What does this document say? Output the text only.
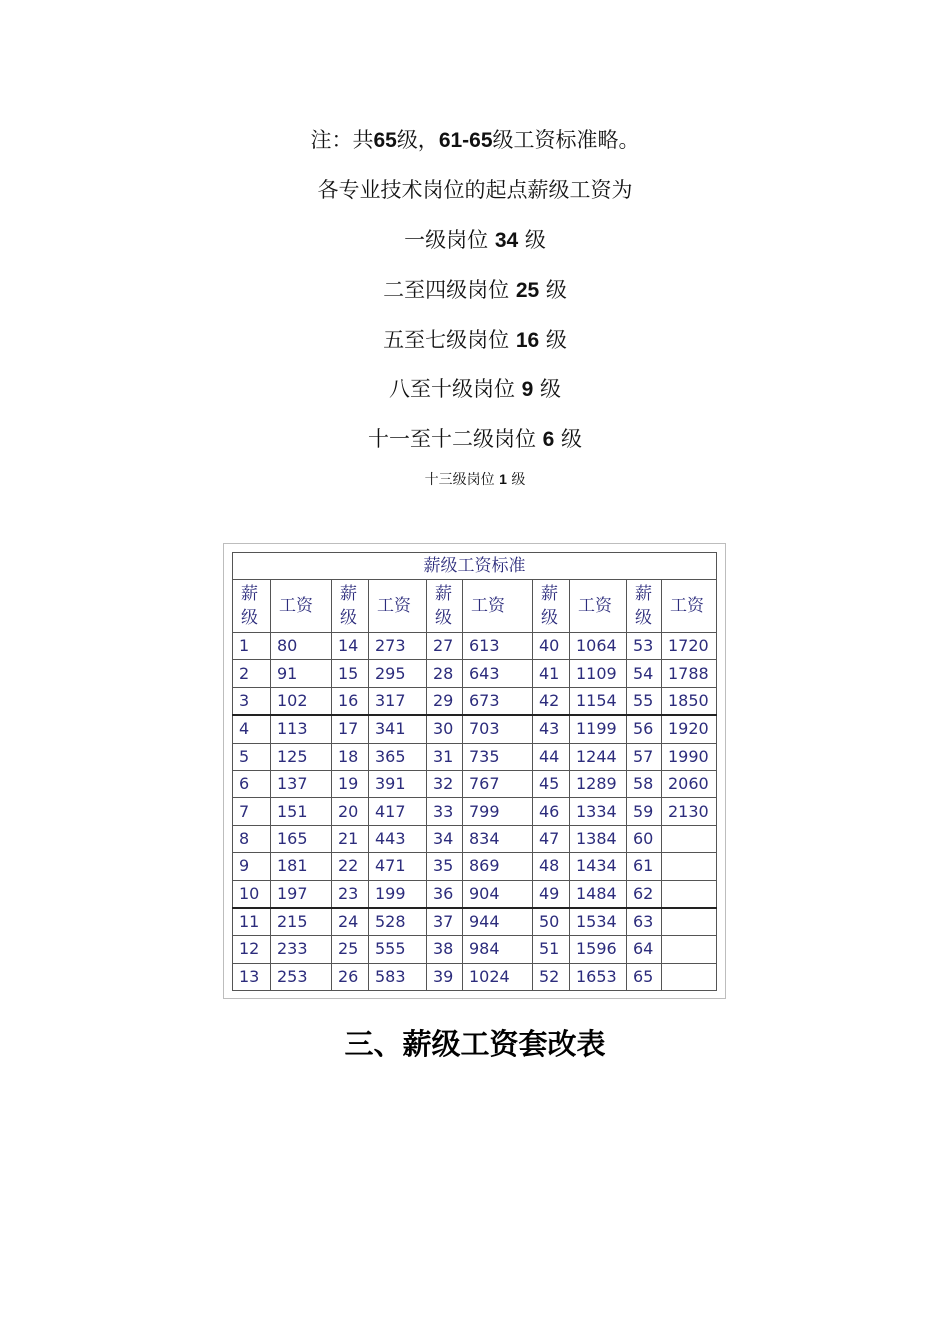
注：共65级，61-65级工资标准略。
各专业技术岗位的起点薪级工资为
一级岗位 34 级
二至四级岗位 25 级
五至七级岗位 16 级
八至十级岗位 9 级
十一至十二级岗位 6 级
十三级岗位 1 级
薪级工资标准									
薪级	工资	薪级	工资	薪级	工资	薪级	工资	薪级	工资
1	80	14	273	27	613	40	1064	53	1720
2	91	15	295	28	643	41	1109	54	1788
3	102	16	317	29	673	42	1154	55	1850
4	113	17	341	30	703	43	1199	56	1920
5	125	18	365	31	735	44	1244	57	1990
6	137	19	391	32	767	45	1289	58	2060
7	151	20	417	33	799	46	1334	59	2130
8	165	21	443	34	834	47	1384	60	
9	181	22	471	35	869	48	1434	61	
10	197	23	199	36	904	49	1484	62	
11	215	24	528	37	944	50	1534	63	
12	233	25	555	38	984	51	1596	64	
13	253	26	583	39	1024	52	1653	65	
三、薪级工资套改表
